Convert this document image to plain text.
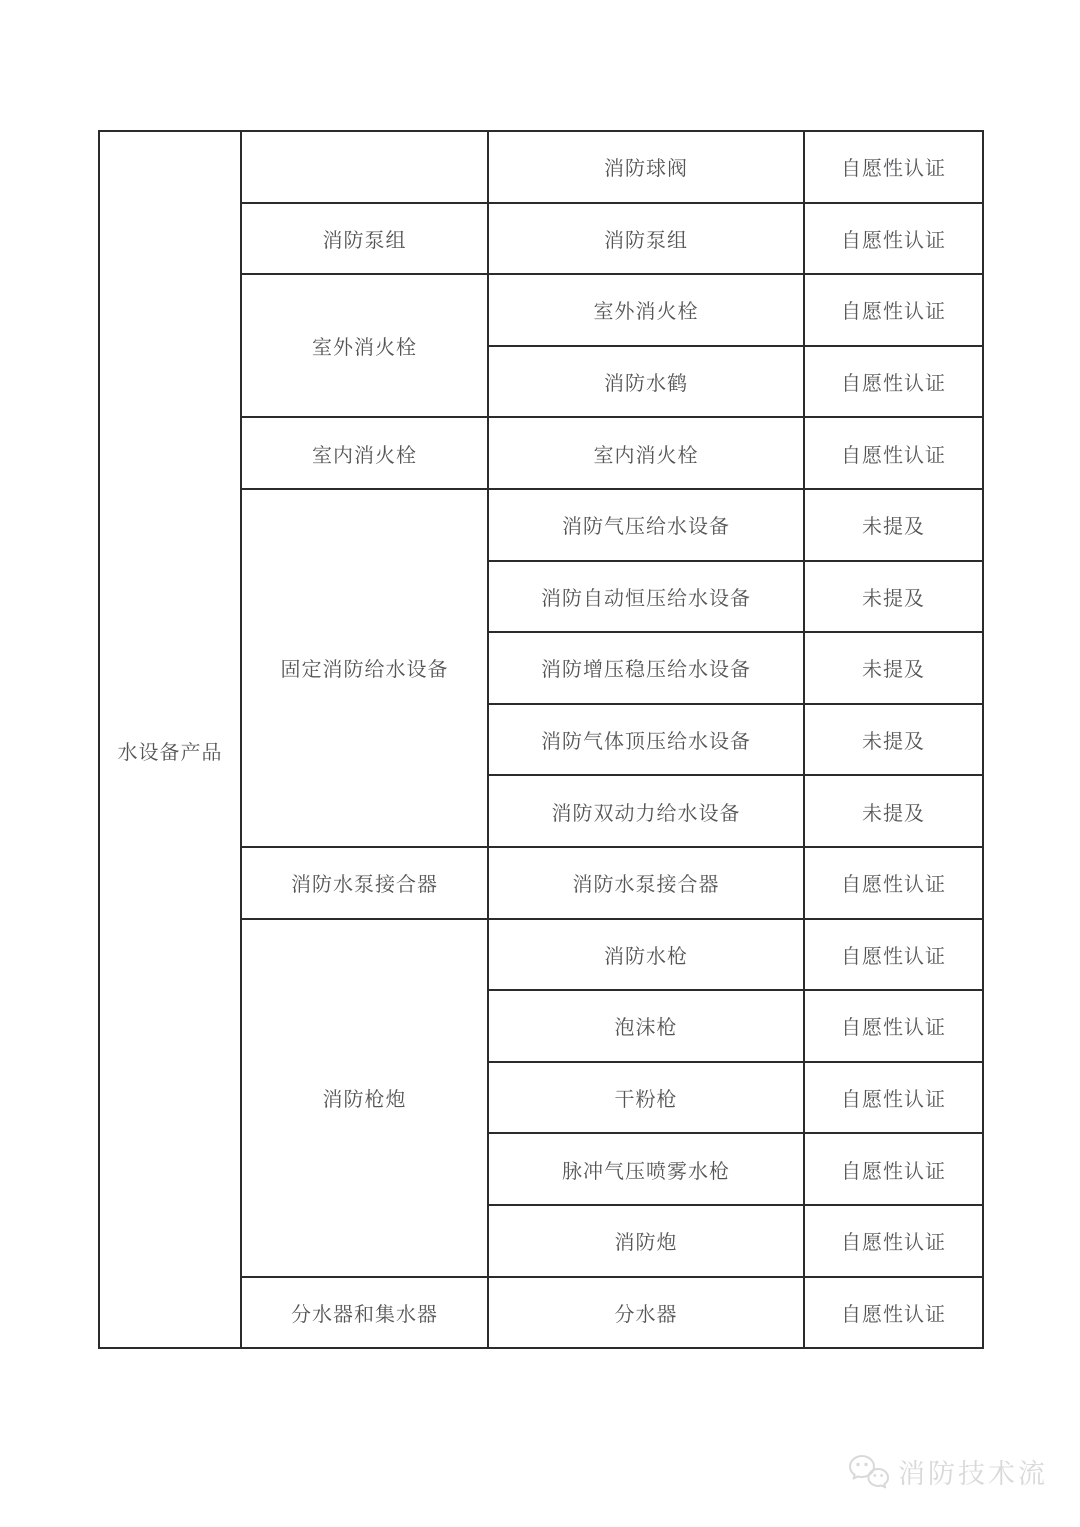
水设备产品		消防球阀	自愿性认证
	消防泵组	消防泵组	自愿性认证
	室外消火栓	室外消火栓	自愿性认证
		消防水鹤	自愿性认证
	室内消火栓	室内消火栓	自愿性认证
	固定消防给水设备	消防气压给水设备	未提及
		消防自动恒压给水设备	未提及
		消防增压稳压给水设备	未提及
		消防气体顶压给水设备	未提及
		消防双动力给水设备	未提及
	消防水泵接合器	消防水泵接合器	自愿性认证
	消防枪炮	消防水枪	自愿性认证
		泡沫枪	自愿性认证
		干粉枪	自愿性认证
		脉冲气压喷雾水枪	自愿性认证
		消防炮	自愿性认证
	分水器和集水器	分水器	自愿性认证
消防技术流
